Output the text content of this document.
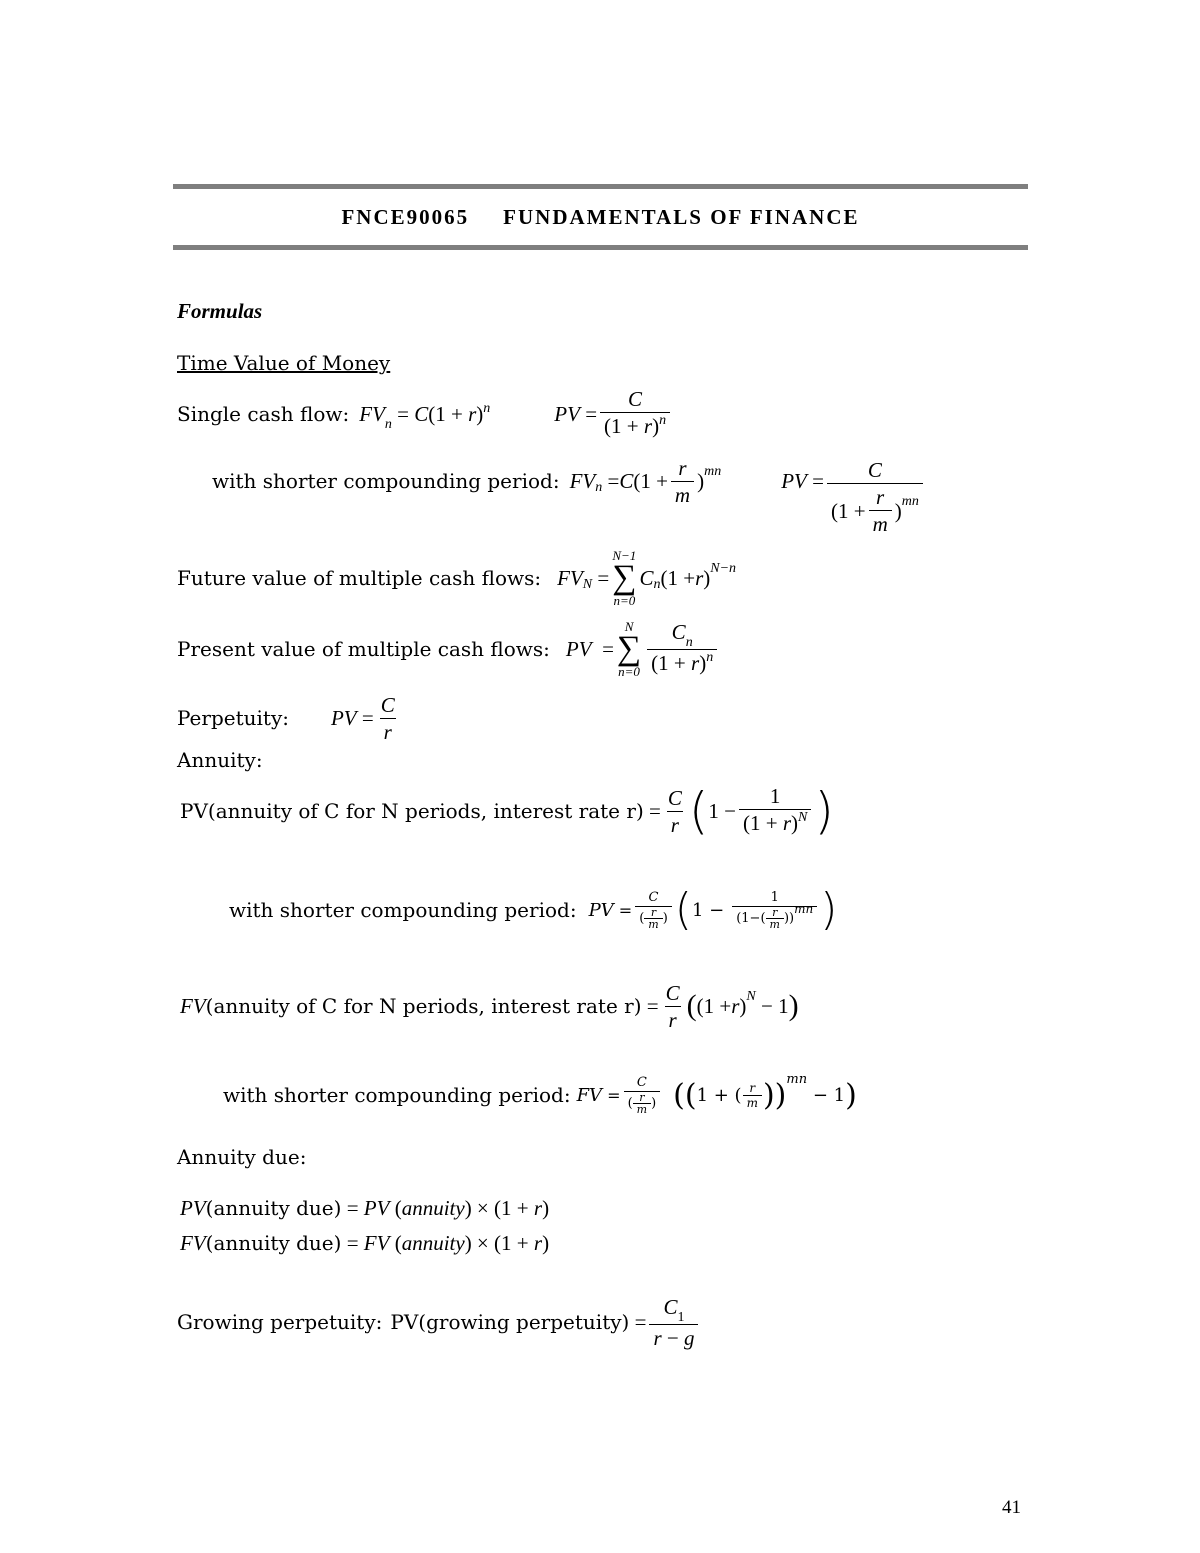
FNCE90065 FUNDAMENTALS OF FINANCE
Formulas
Time Value of Money
Single cash flow: $FV_n = C(1 + r)^n$	PV = $\frac{C}{(1 + r)^n}$
with shorter compounding period: FV n = C ($1 + \frac{r}{m}$ ) mn	PV
= $\frac{C}{(1 + \frac{r}{m} ) mn}$
Future value of multiple cash flows: FV N =
N−1
∑
n=0
C n (1 + r ) N−n
Present value of multiple cash flows: PV =
N
∑
$n=0 \frac{C_n}{(1 + r)^n}$
Perpetuity: PV = $\frac{C}{r}$
Annuity:
PV(annuity of C for N periods, interest rate $r) = \frac{C}{r}$ ( $1 - \frac{1}{(1 + r)^N}$ )
with shorter compounding period: PV = $\frac{C}{( \frac{r}{m} )}$ ( $1 - \frac{1}{(1-( \frac{r}{m} ))mn}$ )
FV (annuity of C for N periods, interest rate $r) = \frac{C}{r}$ ( (1 + r ) N − 1 )
with shorter compounding period: FV = $\frac{C}{( \frac{r}{m} )}$ (( 1 + ( $\frac{r}{m}$ )) mn
− 1 )
Annuity due:
PV(annuity due) = PV (annuity) × (1 + r)
FV(annuity due) = FV (annuity) × (1 + r)
Growing perpetuity: PV(growing perpetuity) = $\frac{C_1}{r - g}$
41
